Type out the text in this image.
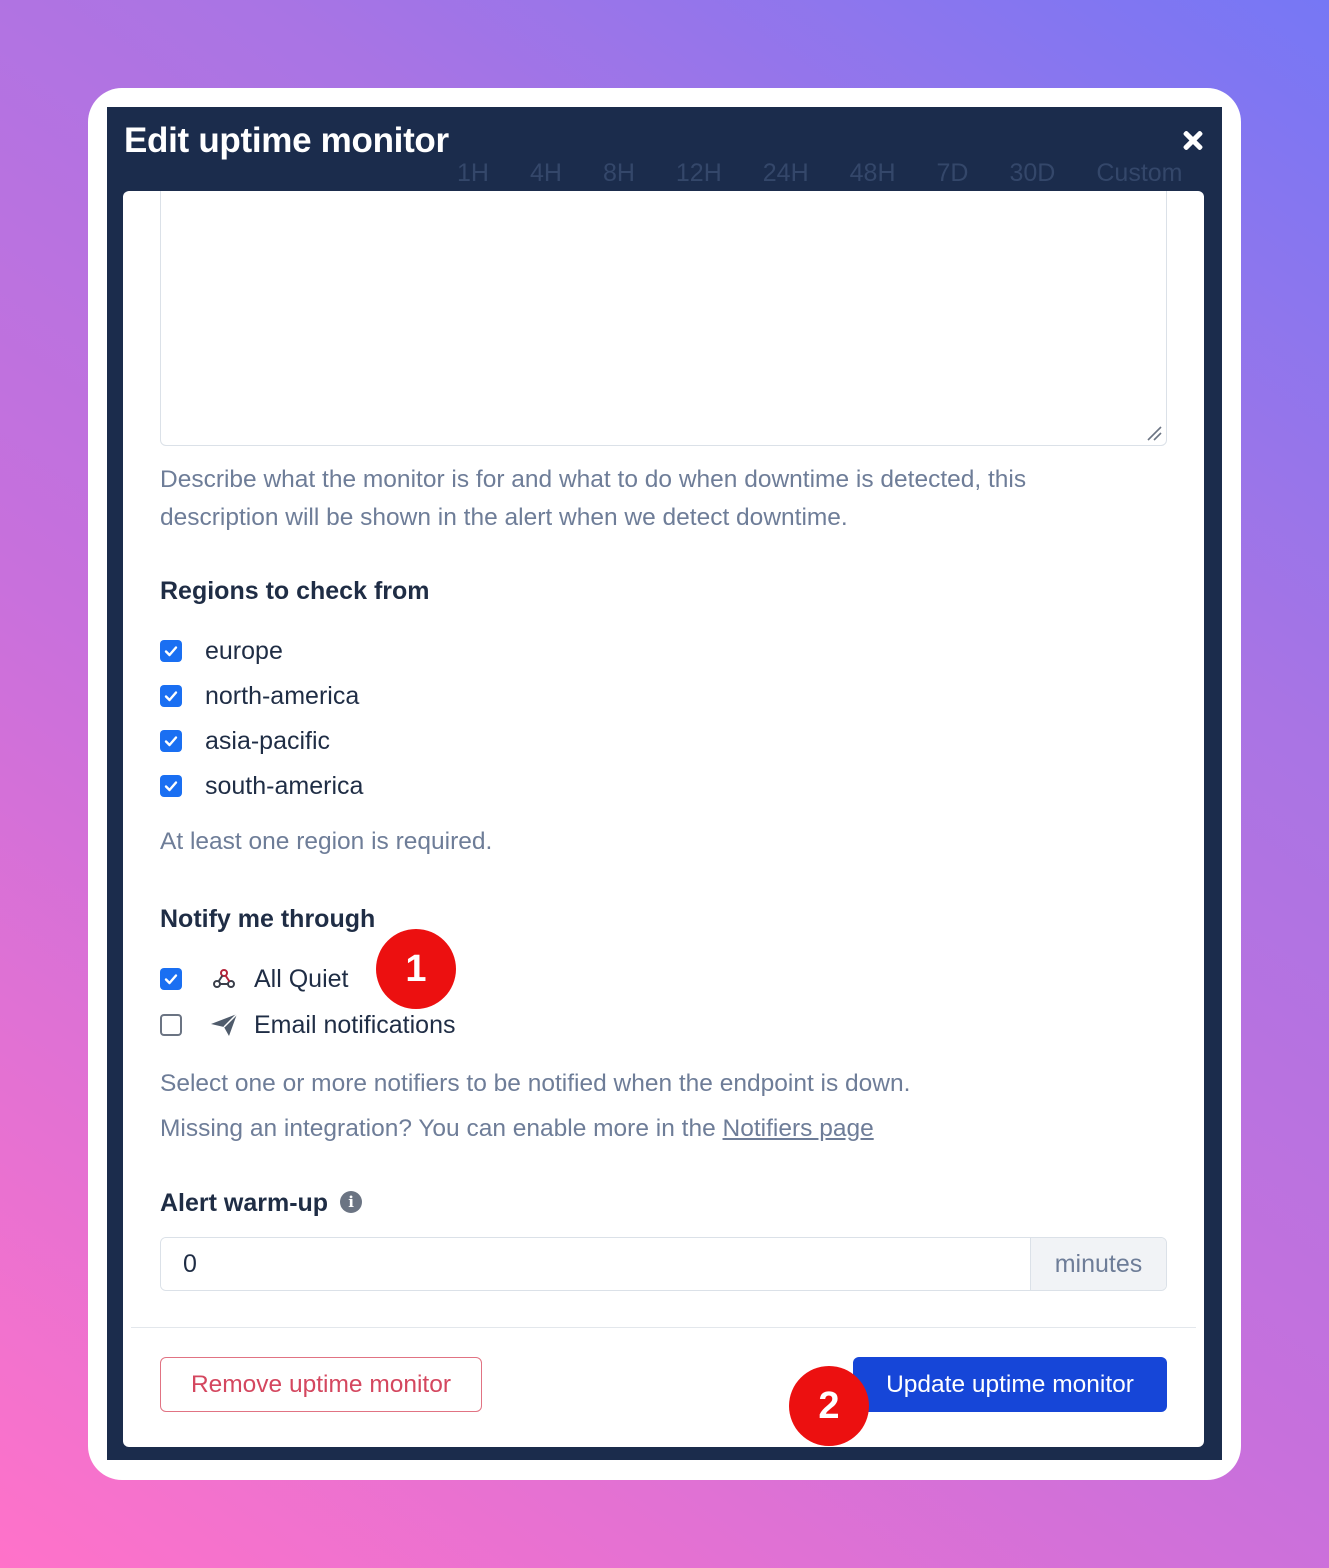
1H 4H 8H 12H 24H 48H 7D 30D Custom
Edit uptime monitor
Describe what the monitor is for and what to do when downtime is detected, this
description will be shown in the alert when we detect downtime.
Regions to check from
europe
north-america
asia-pacific
south-america
At least one region is required.
Notify me through
All Quiet
Email notifications
Select one or more notifiers to be notified when the endpoint is down.
Missing an integration? You can enable more in the Notifiers page
Alert warm-up i
0	minutes
Remove uptime monitor	Update uptime monitor
1
2
